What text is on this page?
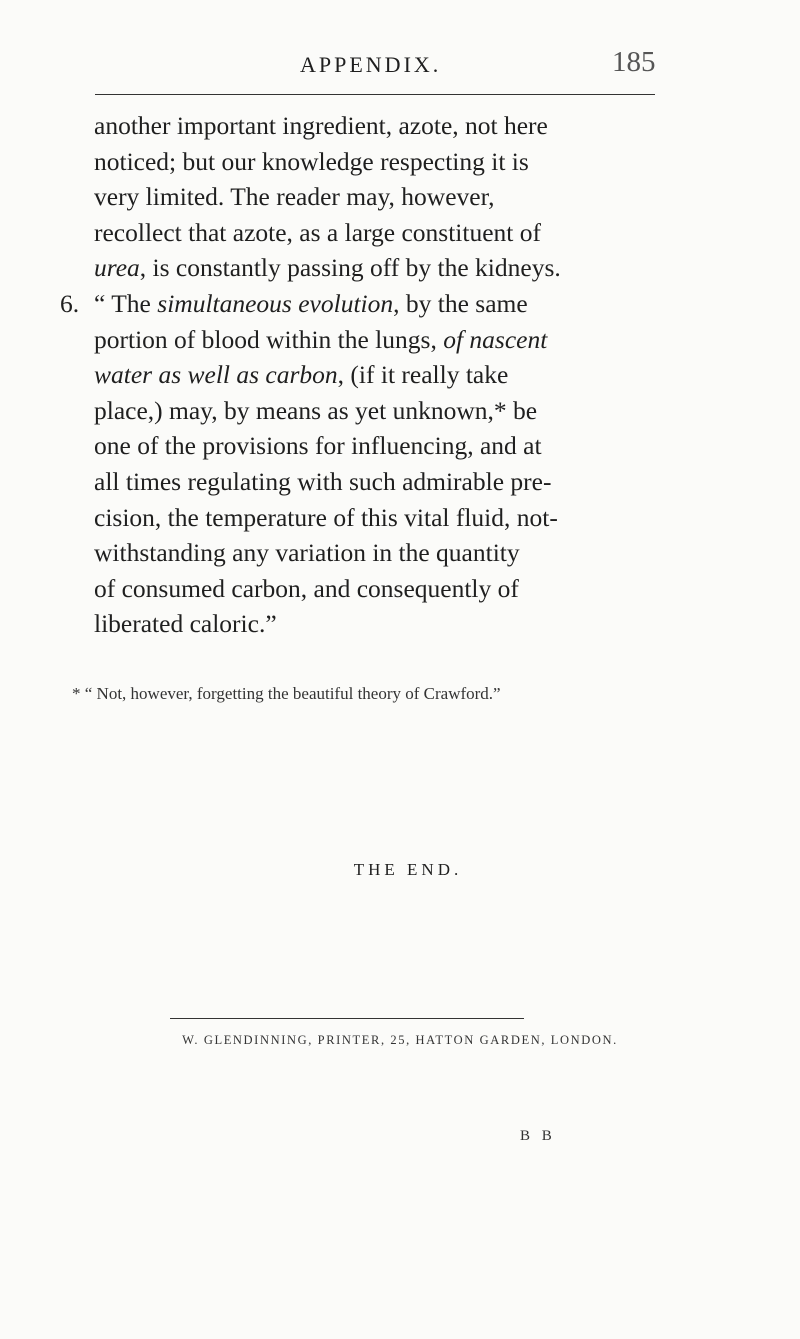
APPENDIX.	185
another important ingredient, azote, not here
noticed; but our knowledge respecting it is
very limited. The reader may, however,
recollect that azote, as a large constituent of
urea, is constantly passing off by the kidneys.
6. “ The simultaneous evolution, by the same
portion of blood within the lungs, of nascent
water as well as carbon, (if it really take
place,) may, by means as yet unknown,* be
one of the provisions for influencing, and at
all times regulating with such admirable pre-
cision, the temperature of this vital fluid, not-
withstanding any variation in the quantity
of consumed carbon, and consequently of
liberated caloric.”
* “ Not, however, forgetting the beautiful theory of Crawford.”
THE END.
W. GLENDINNING, PRINTER, 25, HATTON GARDEN, LONDON.
B B
